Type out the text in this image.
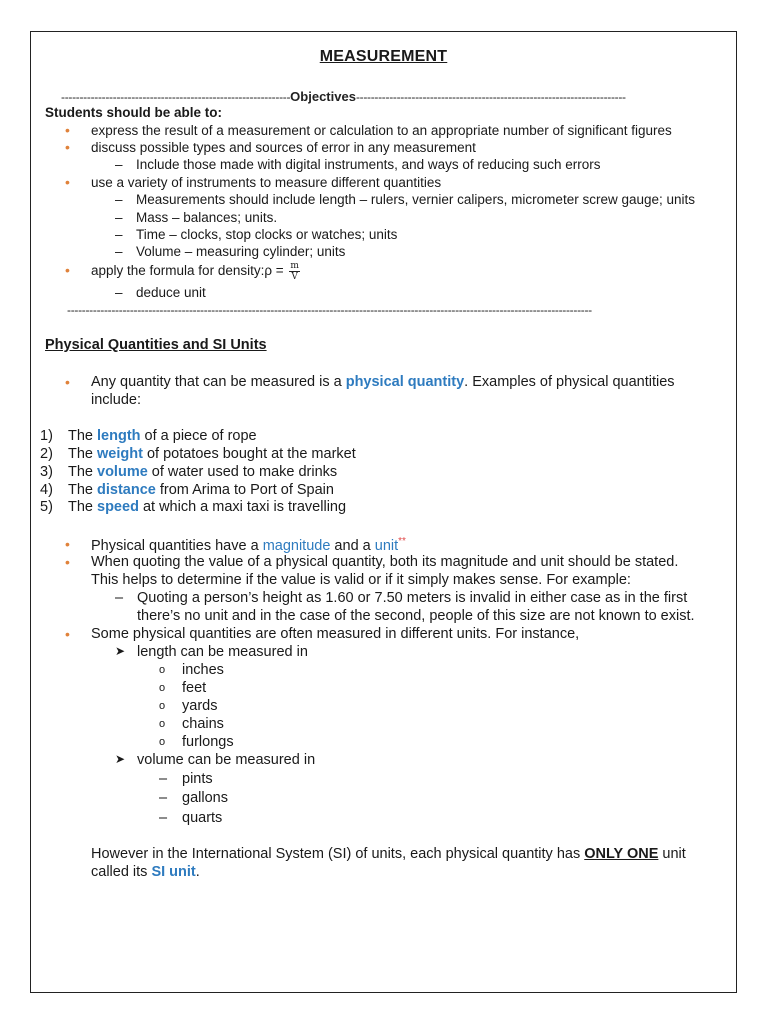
MEASUREMENT
--------------------------------------------------------------Objectives-------------------------------------------------------------------------
Students should be able to:
• express the result of a measurement or calculation to an appropriate number of significant figures
• discuss possible types and sources of error in any measurement
– Include those made with digital instruments, and ways of reducing such errors
• use a variety of instruments to measure different quantities
– Measurements should include length – rulers, vernier calipers, micrometer screw gauge; units
– Mass – balances; units.
– Time – clocks, stop clocks or watches; units
– Volume – measuring cylinder; units
• apply the formula for density:ρ = $\frac{m}{V}$
– deduce unit
----------------------------------------------------------------------------------------------------------------------------------------------
Physical Quantities and SI Units
• Any quantity that can be measured is a physical quantity. Examples of physical quantities
include:
1) The length of a piece of rope
2) The weight of potatoes bought at the market
3) The volume of water used to make drinks
4) The distance from Arima to Port of Spain
5) The speed at which a maxi taxi is travelling
• Physical quantities have a magnitude and a unit**
• When quoting the value of a physical quantity, both its magnitude and unit should be stated.
This helps to determine if the value is valid or if it simply makes sense. For example:
– Quoting a person’s height as 1.60 or 7.50 meters is invalid in either case as in the first
there’s no unit and in the case of the second, people of this size are not known to exist.
• Some physical quantities are often measured in different units. For instance,
➤ length can be measured in
o inches
o feet
o yards
o chains
o furlongs
➤ volume can be measured in
– pints
– gallons
– quarts
However in the International System (SI) of units, each physical quantity has ONLY ONE unit
called its SI unit.
